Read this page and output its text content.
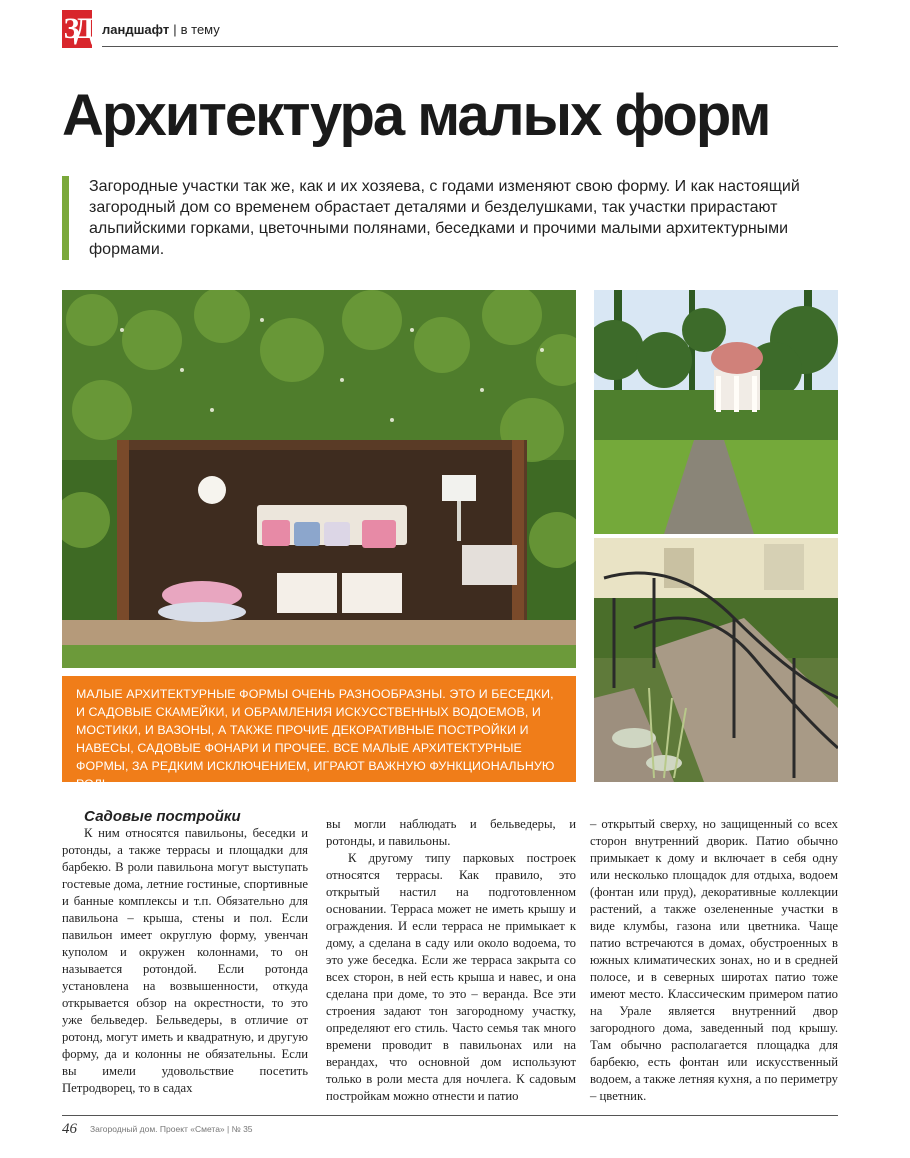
ЗД ландшафт | в тему
Архитектура малых форм
Загородные участки так же, как и их хозяева, с годами изменяют свою форму. И как настоящий загородный дом со временем обрастает деталями и безделушками, так участки прирастают альпийскими горками, цветочными полянами, беседками и прочими малыми архитектурными формами.
МАЛЫЕ АРХИТЕКТУРНЫЕ ФОРМЫ ОЧЕНЬ РАЗНООБРАЗНЫ. ЭТО И БЕСЕДКИ, И САДОВЫЕ СКАМЕЙКИ, И ОБРАМЛЕНИЯ ИСКУССТВЕННЫХ ВОДОЕМОВ, И МОСТИКИ, И ВАЗОНЫ, А ТАКЖЕ ПРОЧИЕ ДЕКОРАТИВНЫЕ ПОСТРОЙКИ И НАВЕСЫ, САДОВЫЕ ФОНАРИ И ПРОЧЕЕ. ВСЕ МАЛЫЕ АРХИТЕКТУРНЫЕ ФОРМЫ, ЗА РЕДКИМ ИСКЛЮЧЕНИЕМ, ИГРАЮТ ВАЖНУЮ ФУНКЦИОНАЛЬНУЮ РОЛЬ.

Садовые постройки

К ним относятся павильоны, беседки и ротонды, а также террасы и площадки для барбекю. В роли павильона могут выступать гостевые дома, летние гостиные, спортивные и банные комплексы и т.п. Обязательно для павильона – крыша, стены и пол. Если павильон имеет округлую форму, увенчан куполом и окружен колоннами, то он называется ротондой. Если ротонда установлена на возвышенности, откуда открывается обзор на окрестности, то это уже бельведер. Бельведеры, в отличие от ротонд, могут иметь и квадратную, и другую форму, да и колонны не обязательны. Если вы имели удовольствие посетить Петродворец, то в садах

вы могли наблюдать и бельведеры, и ротонды, и павильоны.

К другому типу парковых построек относятся террасы. Как правило, это открытый настил на подготовленном основании. Терраса может не иметь крышу и ограждения. И если терраса не примыкает к дому, а сделана в саду или около водоема, то это уже беседка. Если же терраса закрыта со всех сторон, в ней есть крыша и навес, и она сделана при доме, то это – веранда. Все эти строения задают тон загородному участку, определяют его стиль. Часто семья так много времени проводит в павильонах или на верандах, что основной дом используют только в роли места для ночлега. К садовым постройкам можно отнести и патио

– открытый сверху, но защищенный со всех сторон внутренний дворик. Патио обычно примыкает к дому и включает в себя одну или несколько площадок для отдыха, водоем (фонтан или пруд), декоративные коллекции растений, а также озелененные участки в виде клумбы, газона или цветника. Чаще патио встречаются в домах, обустроенных в южных климатических зонах, но и в средней полосе, и в северных широтах патио тоже имеют место. Классическим примером патио на Урале является внутренний двор загородного дома, заведенный под крышу. Там обычно располагается площадка для барбекю, есть фонтан или искусственный водоем, а также летняя кухня, а по периметру – цветник.

46 Загородный дом. Проект «Смета» | № 35
